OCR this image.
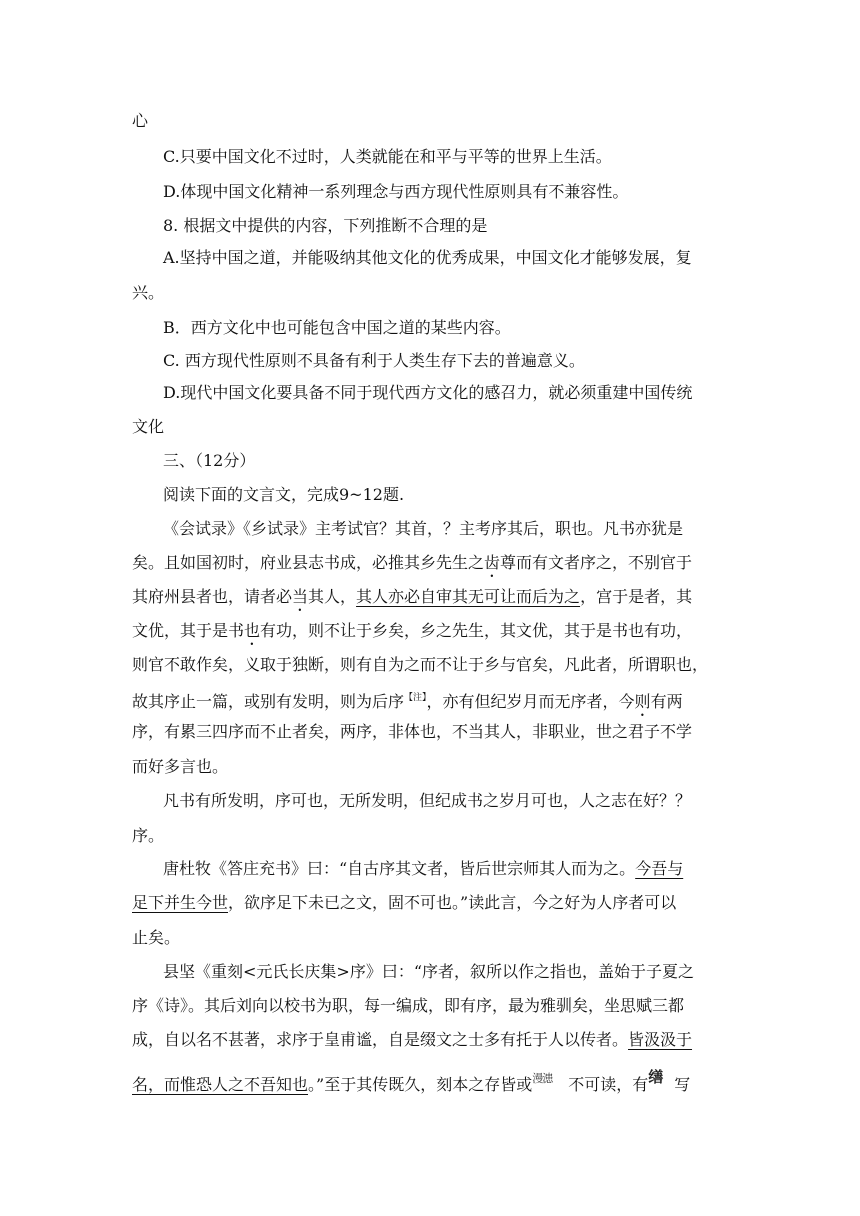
心
C.只要中国文化不过时，人类就能在和平与平等的世界上生活。
D.体现中国文化精神一系列理念与西方现代性原则具有不兼容性。
8. 根据文中提供的内容，下列推断不合理的是
A.坚持中国之道，并能吸纳其他文化的优秀成果，中国文化才能够发展，复
兴。
B．西方文化中也可能包含中国之道的某些内容。
C. 西方现代性原则不具备有利于人类生存下去的普遍意义。
D.现代中国文化要具备不同于现代西方文化的感召力，就必须重建中国传统
文化
三、（12分）
阅读下面的文言文，完成9~12题.
《会试录》《乡试录》主考试官？其首，？主考序其后，职也。凡书亦犹是
矣。且如国初时，府业县志书成，必推其乡先生之齿尊而有文者序之，不别官于
其府州县者也，请者必当其人，其人亦必自审其无可让而后为之，宫于是者，其
文优，其于是书也有功，则不让于乡矣，乡之先生，其文优，其于是书也有功，
则官不敢作矣，义取于独断，则有自为之而不让于乡与官矣，凡此者，所谓职也，
故其序止一篇，或别有发明，则为后序$^{【注】}$，亦有但纪岁月而无序者，今则有两
序，有累三四序而不止者矣，两序，非体也，不当其人，非职业，世之君子不学
而好多言也。
凡书有所发明，序可也，无所发明，但纪成书之岁月可也，人之志在好？？
序。
唐杜牧《答庄充书》曰：“自古序其文者，皆后世宗师其人而为之。今吾与
足下并生今世，欲序足下未已之文，固不可也。”读此言，今之好为人序者可以
止矣。
县坚《重刻<元氏长庆集>序》曰：“序者，叙所以作之指也，盖始于子夏之
序《诗》。其后刘向以校书为职，每一编成，即有序，最为雅驯矣，坐思赋三都
成，自以名不甚著，求序于皇甫谧，自是缀文之士多有托于人以传者。皆汲汲于
名，而惟恐人之不吾知也。”至于其传既久，刻本之存皆或漫漶 不可读，有缮 写
